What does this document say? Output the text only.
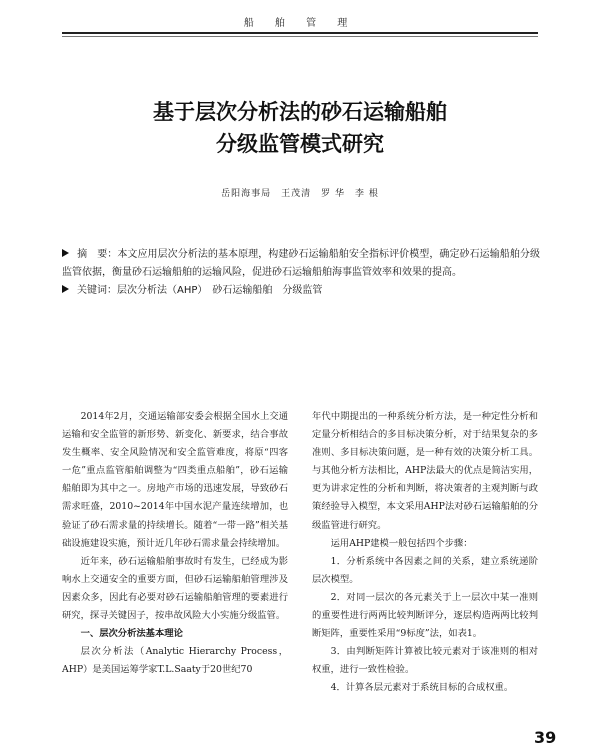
船 舶 管 理
基于层次分析法的砂石运输船舶
分级监管模式研究
岳阳海事局　王茂清　罗 华　李 根

摘　要：本文应用层次分析法的基本原理，构建砂石运输船舶安全指标评价模型，确定砂石运输船舶分级监管依据，衡量砂石运输船舶的运输风险，促进砂石运输船舶海事监管效率和效果的提高。

关键词：层次分析法（AHP）　砂石运输船舶　分级监管

2014年2月，交通运输部安委会根据全国水上交通运输和安全监管的新形势、新变化、新要求，结合事故发生概率、安全风险情况和安全监管难度，将原“四客一危”重点监管船舶调整为“四类重点船舶”，砂石运输船舶即为其中之一。房地产市场的迅速发展，导致砂石需求旺盛，2010~2014年中国水泥产量连续增加，也验证了砂石需求量的持续增长。随着“一带一路”相关基础设施建设实施，预计近几年砂石需求量会持续增加。

近年来，砂石运输船舶事故时有发生，已经成为影响水上交通安全的重要方面，但砂石运输船舶管理涉及因素众多，因此有必要对砂石运输船舶管理的要素进行研究，探寻关键因子，按串故风险大小实施分级监管。

一、层次分析法基本理论

层次分析法（Analytic Hierarchy Process，AHP）是美国运筹学家T.L.Saaty于20世纪70

年代中期提出的一种系统分析方法，是一种定性分析和定量分析相结合的多目标决策分析，对于结果复杂的多准则、多目标决策问题，是一种有效的决策分析工具。与其他分析方法相比，AHP法最大的优点是简洁实用，更为讲求定性的分析和判断，将决策者的主观判断与政策经验导入模型，本文采用AHP法对砂石运输船舶的分级监管进行研究。

运用AHP建模一般包括四个步骤：

1．分析系统中各因素之间的关系，建立系统递阶层次模型。

2．对同一层次的各元素关于上一层次中某一准则的重要性进行两两比较判断评分，逐层构造两两比较判断矩阵，重要性采用“9标度”法，如表1。

3．由判断矩阵计算被比较元素对于该准则的相对权重，进行一致性检验。

4．计算各层元素对于系统目标的合成权重。

39
